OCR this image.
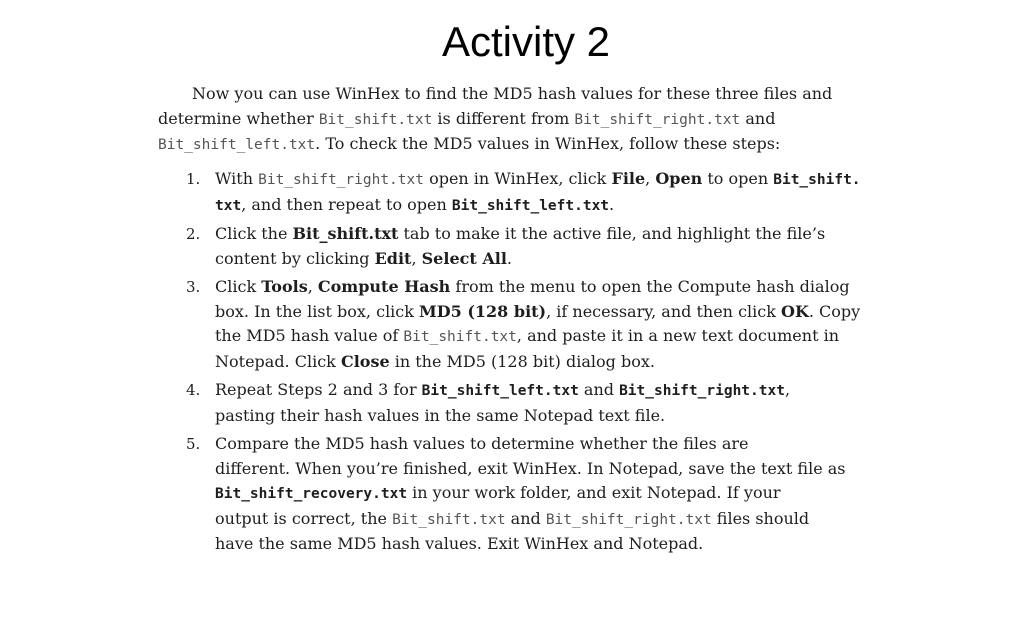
Activity 2
Now you can use WinHex to find the MD5 hash values for these three files and
determine whether Bit_shift.txt is different from Bit_shift_right.txt and
Bit_shift_left.txt. To check the MD5 values in WinHex, follow these steps:
1. With Bit_shift_right.txt open in WinHex, click File, Open to open Bit_shift.
txt, and then repeat to open Bit_shift_left.txt.
2. Click the Bit_shift.txt tab to make it the active file, and highlight the file’s
content by clicking Edit, Select All.
3. Click Tools, Compute Hash from the menu to open the Compute hash dialog
box. In the list box, click MD5 (128 bit), if necessary, and then click OK. Copy
the MD5 hash value of Bit_shift.txt, and paste it in a new text document in
Notepad. Click Close in the MD5 (128 bit) dialog box.
4. Repeat Steps 2 and 3 for Bit_shift_left.txt and Bit_shift_right.txt,
pasting their hash values in the same Notepad text file.
5. Compare the MD5 hash values to determine whether the files are
different. When you’re finished, exit WinHex. In Notepad, save the text file as
Bit_shift_recovery.txt in your work folder, and exit Notepad. If your
output is correct, the Bit_shift.txt and Bit_shift_right.txt files should
have the same MD5 hash values. Exit WinHex and Notepad.
